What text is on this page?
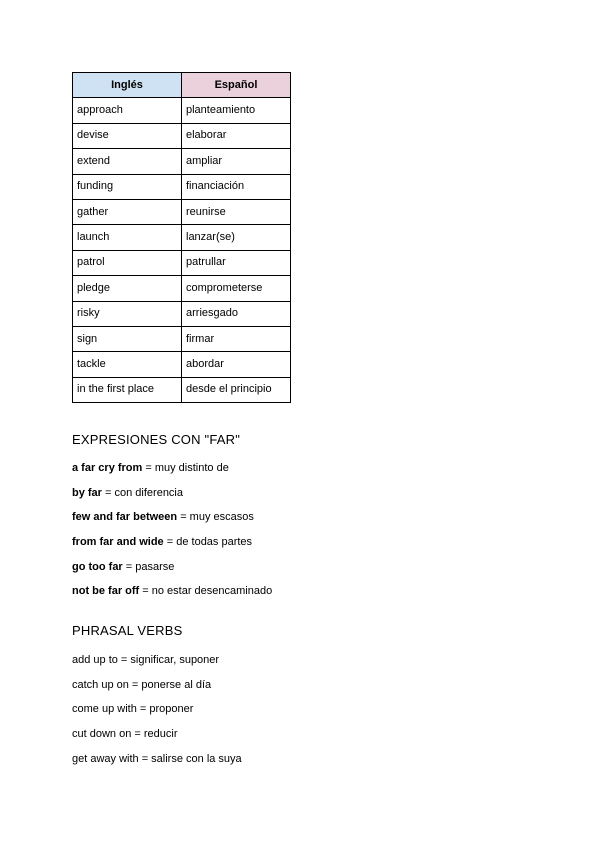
Inglés	Español
approach	planteamiento
devise	elaborar
extend	ampliar
funding	financiación
gather	reunirse
launch	lanzar(se)
patrol	patrullar
pledge	comprometerse
risky	arriesgado
sign	firmar
tackle	abordar
in the first place	desde el principio
EXPRESIONES CON "FAR"
a far cry from = muy distinto de
by far = con diferencia
few and far between = muy escasos
from far and wide = de todas partes
go too far = pasarse
not be far off = no estar desencaminado
PHRASAL VERBS
add up to = significar, suponer
catch up on = ponerse al día
come up with = proponer
cut down on = reducir
get away with = salirse con la suya
